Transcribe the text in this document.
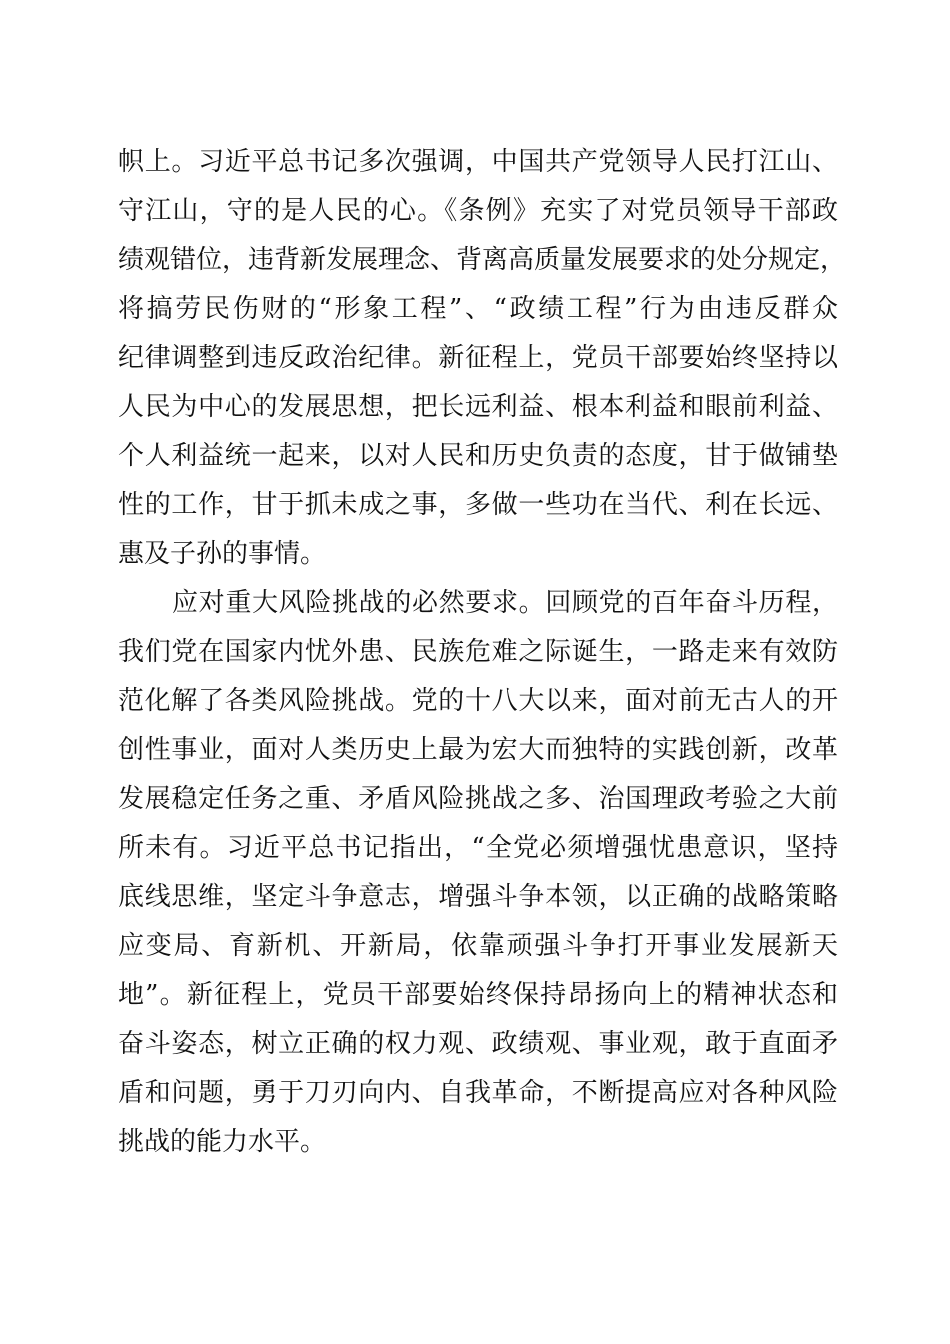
帜上。习近平总书记多次强调，中国共产党领导人民打江山、
守江山，守的是人民的心。《条例》充实了对党员领导干部政
绩观错位，违背新发展理念、背离高质量发展要求的处分规定，
将搞劳民伤财的“形象工程”、“政绩工程”行为由违反群众
纪律调整到违反政治纪律。新征程上，党员干部要始终坚持以
人民为中心的发展思想，把长远利益、根本利益和眼前利益、
个人利益统一起来，以对人民和历史负责的态度，甘于做铺垫
性的工作，甘于抓未成之事，多做一些功在当代、利在长远、
惠及子孙的事情。
应对重大风险挑战的必然要求。回顾党的百年奋斗历程，
我们党在国家内忧外患、民族危难之际诞生，一路走来有效防
范化解了各类风险挑战。党的十八大以来，面对前无古人的开
创性事业，面对人类历史上最为宏大而独特的实践创新，改革
发展稳定任务之重、矛盾风险挑战之多、治国理政考验之大前
所未有。习近平总书记指出，“全党必须增强忧患意识，坚持
底线思维，坚定斗争意志，增强斗争本领，以正确的战略策略
应变局、育新机、开新局，依靠顽强斗争打开事业发展新天
地”。新征程上，党员干部要始终保持昂扬向上的精神状态和
奋斗姿态，树立正确的权力观、政绩观、事业观，敢于直面矛
盾和问题，勇于刀刃向内、自我革命，不断提高应对各种风险
挑战的能力水平。
